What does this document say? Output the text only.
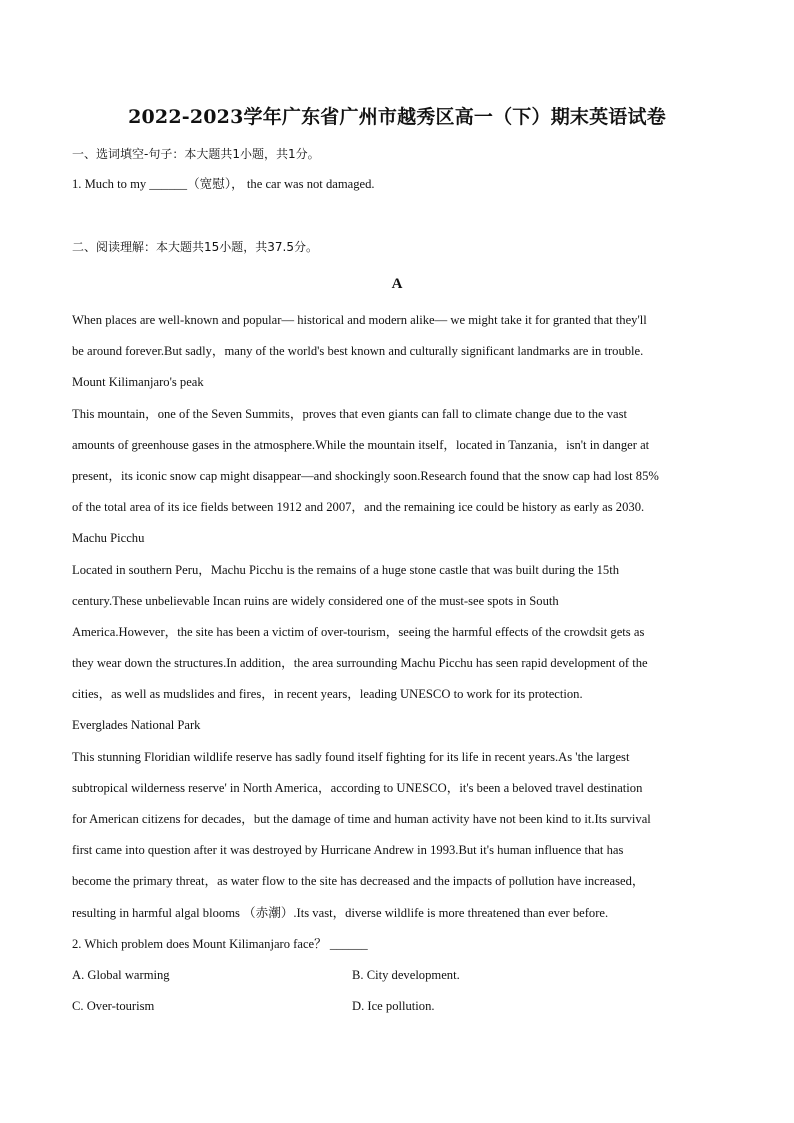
2022-2023学年广东省广州市越秀区高一（下）期末英语试卷
一、选词填空-句子：本大题共1小题，共1分。
1. Much to my ______（宽慰）， the car was not damaged.
二、阅读理解：本大题共15小题，共37.5分。
A
When places are well-known and popular— historical and modern alike— we might take it for granted that they'll
be around forever.But sadly，many of the world's best known and culturally significant landmarks are in trouble.
Mount Kilimanjaro's peak
This mountain，one of the Seven Summits，proves that even giants can fall to climate change due to the vast
amounts of greenhouse gases in the atmosphere.While the mountain itself，located in Tanzania，isn't in danger at
present，its iconic snow cap might disappear—and shockingly soon.Research found that the snow cap had lost 85%
of the total area of its ice fields between 1912 and 2007，and the remaining ice could be history as early as 2030.
Machu Picchu
Located in southern Peru，Machu Picchu is the remains of a huge stone castle that was built during the 15th
century.These unbelievable Incan ruins are widely considered one of the must-see spots in South
America.However，the site has been a victim of over-tourism，seeing the harmful effects of the crowdsit gets as
they wear down the structures.In addition，the area surrounding Machu Picchu has seen rapid development of the
cities，as well as mudslides and fires，in recent years，leading UNESCO to work for its protection.
Everglades National Park
This stunning Floridian wildlife reserve has sadly found itself fighting for its life in recent years.As 'the largest
subtropical wilderness reserve' in North America，according to UNESCO，it's been a beloved travel destination
for American citizens for decades，but the damage of time and human activity have not been kind to it.Its survival
first came into question after it was destroyed by Hurricane Andrew in 1993.But it's human influence that has
become the primary threat，as water flow to the site has decreased and the impacts of pollution have increased，
resulting in harmful algal blooms （赤潮）.Its vast，diverse wildlife is more threatened than ever before.
2. Which problem does Mount Kilimanjaro face？ ______
A. Global warming	B. City development.
C. Over-tourism	D. Ice pollution.
